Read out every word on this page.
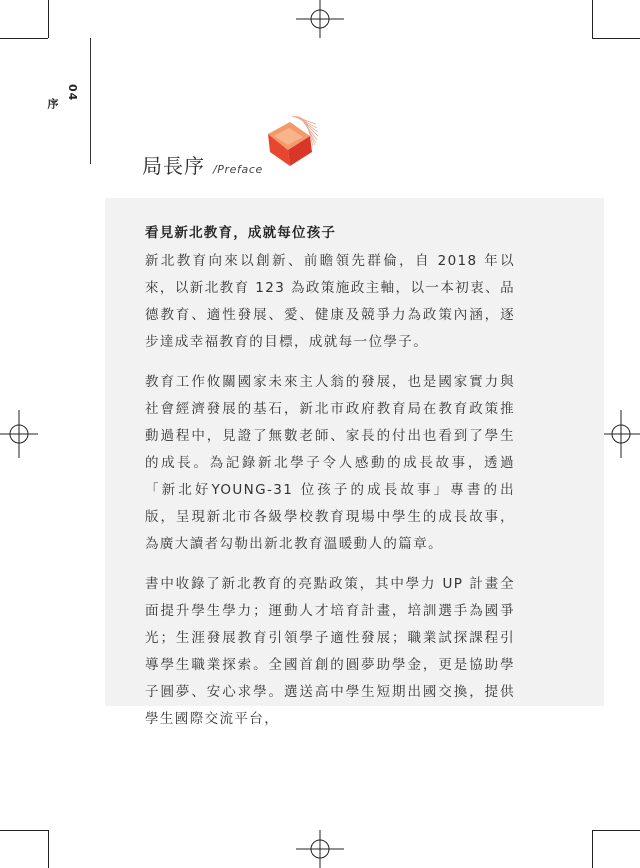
04
序
局長序 /Preface
看見新北教育，成就每位孩子

新北教育向來以創新、前瞻領先群倫，自 2018 年以來，以新北教育 123 為政策施政主軸，以一本初衷、品德教育、適性發展、愛、健康及競爭力為政策內涵，逐步達成幸福教育的目標，成就每一位學子。

教育工作攸關國家未來主人翁的發展，也是國家實力與社會經濟發展的基石，新北市政府教育局在教育政策推動過程中，見證了無數老師、家長的付出也看到了學生的成長。為記錄新北學子令人感動的成長故事，透過「新北好YOUNG-31 位孩子的成長故事」專書的出版，呈現新北市各級學校教育現場中學生的成長故事，為廣大讀者勾勒出新北教育溫暖動人的篇章。

書中收錄了新北教育的亮點政策，其中學力 UP 計畫全面提升學生學力；運動人才培育計畫，培訓選手為國爭光；生涯發展教育引領學子適性發展；職業試探課程引導學生職業探索。全國首創的圓夢助學金，更是協助學子圓夢、安心求學。選送高中學生短期出國交換，提供學生國際交流平台，
